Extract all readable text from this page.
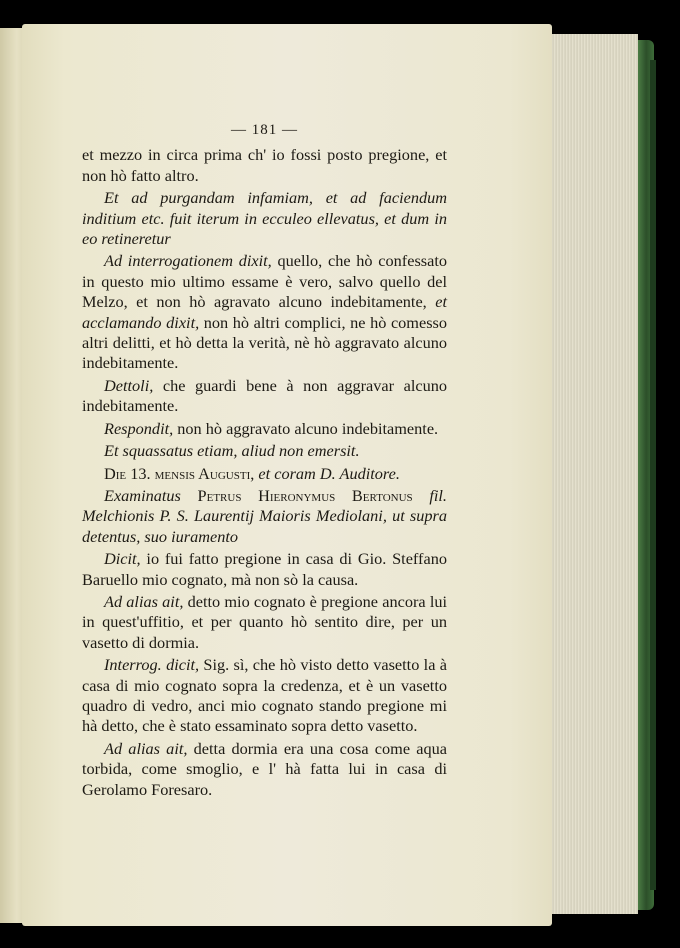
— 181 —

et mezzo in circa prima ch' io fossi posto pregione, et non hò fatto altro.

Et ad purgandam infamiam, et ad faciendum inditium etc. fuit iterum in ecculeo ellevatus, et dum in eo retineretur

Ad interrogationem dixit, quello, che hò confessato in questo mio ultimo essame è vero, salvo quello del Melzo, et non hò agravato alcuno indebitamente, et acclamando dixit, non hò altri complici, ne hò comesso altri delitti, et hò detta la verità, nè hò aggravato alcuno indebitamente.

Dettoli, che guardi bene à non aggravar alcuno indebitamente.

Respondit, non hò aggravato alcuno indebitamente.

Et squassatus etiam, aliud non emersit.

Die 13. mensis Augusti, et coram D. Auditore.

Examinatus Petrus Hieronymus Bertonus fil. Melchionis P. S. Laurentij Maioris Mediolani, ut supra detentus, suo iuramento

Dicit, io fui fatto pregione in casa di Gio. Steffano Baruello mio cognato, mà non sò la causa.

Ad alias ait, detto mio cognato è pregione ancora lui in quest'uffitio, et per quanto hò sentito dire, per un vasetto di dormia.

Interrog. dicit, Sig. sì, che hò visto detto vasetto la à casa di mio cognato sopra la credenza, et è un vasetto quadro di vedro, anci mio cognato stando pregione mi hà detto, che è stato essaminato sopra detto vasetto.

Ad alias ait, detta dormia era una cosa come aqua torbida, come smoglio, e l' hà fatta lui in casa di Gerolamo Foresaro.
